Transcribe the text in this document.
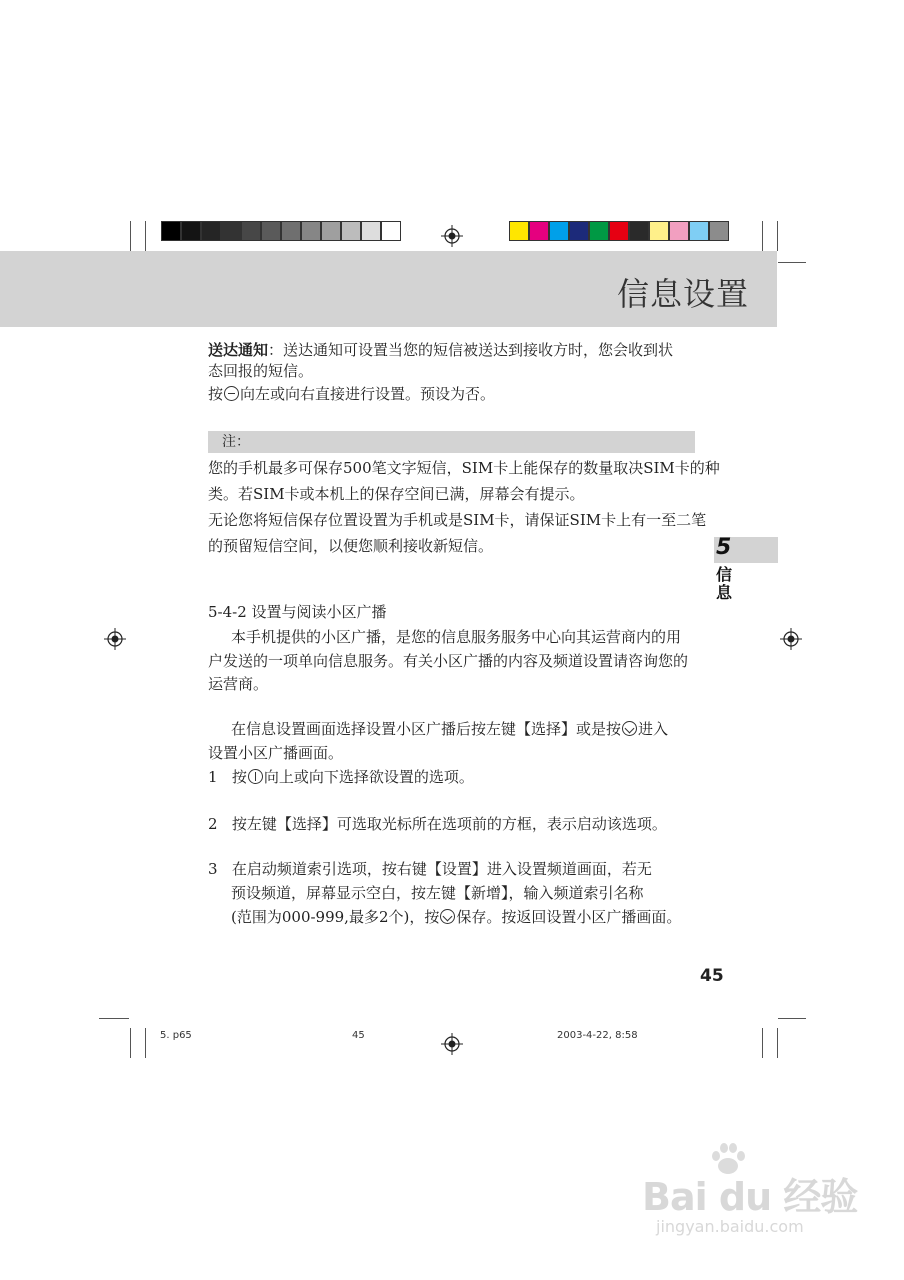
信息设置
送达通知：送达通知可设置当您的短信被送达到接收方时，您会收到状
态回报的短信。
按 向左或向右直接进行设置。预设为否。
注：
您的手机最多可保存500笔文字短信，SIM卡上能保存的数量取决SIM卡的种
类。若SIM卡或本机上的保存空间已满，屏幕会有提示。
无论您将短信保存位置设置为手机或是SIM卡，请保证SIM卡上有一至二笔
的预留短信空间，以便您顺利接收新短信。	5
信
息
5-4-2 设置与阅读小区广播
本手机提供的小区广播，是您的信息服务服务中心向其运营商内的用
户发送的一项单向信息服务。有关小区广播的内容及频道设置请咨询您的
运营商。
在信息设置画面选择设置小区广播后按左键【选择】或是按 进入
设置小区广播画面。
1 按 向上或向下选择欲设置的选项。
2 按左键【选择】可选取光标所在选项前的方框，表示启动该选项。
3 在启动频道索引选项，按右键【设置】进入设置频道画面，若无
预设频道，屏幕显示空白，按左键【新增】，输入频道索引名称
(范围为000-999,最多2个)，按 保存。按返回设置小区广播画面。
45
5. p65	45	2003-4-22, 8:58
Bai du 经验
jingyan.baidu.com
